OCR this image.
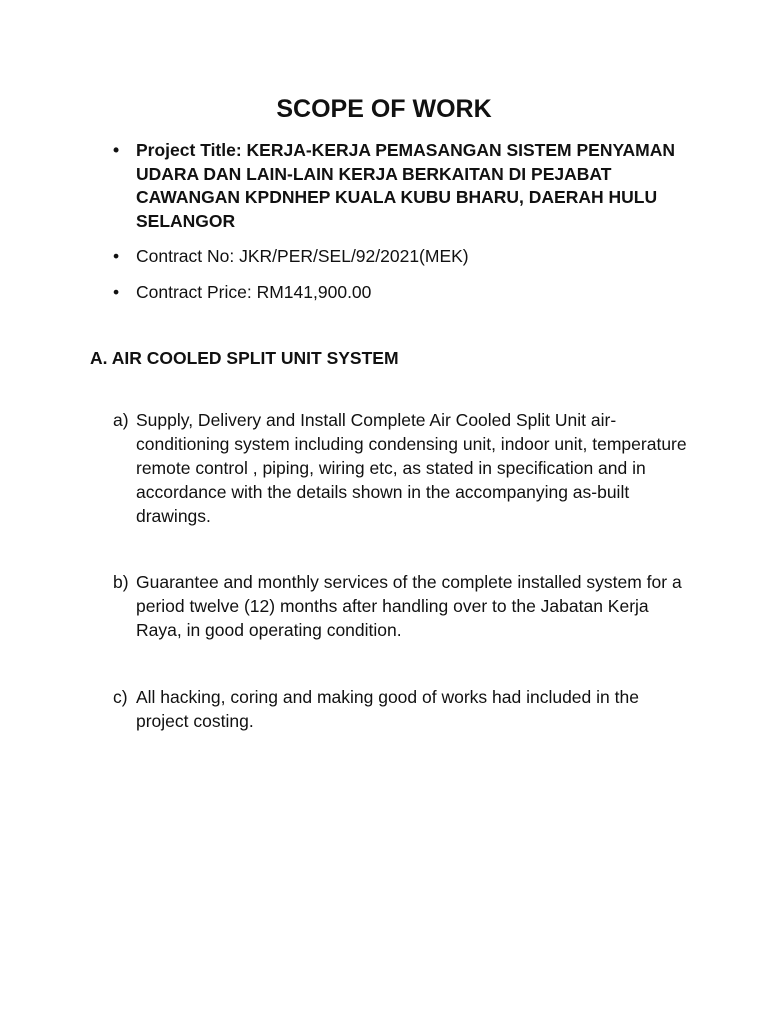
SCOPE OF WORK
• Project Title: KERJA-KERJA PEMASANGAN SISTEM PENYAMAN UDARA DAN LAIN-LAIN KERJA BERKAITAN DI PEJABAT CAWANGAN KPDNHEP KUALA KUBU BHARU, DAERAH HULU SELANGOR
• Contract No: JKR/PER/SEL/92/2021(MEK)
• Contract Price: RM141,900.00
A. AIR COOLED SPLIT UNIT SYSTEM
a) Supply, Delivery and Install Complete Air Cooled Split Unit air-conditioning system including condensing unit, indoor unit, temperature remote control , piping, wiring etc, as stated in specification and in accordance with the details shown in the accompanying as-built drawings.
b) Guarantee and monthly services of the complete installed system for a period twelve (12) months after handling over to the Jabatan Kerja Raya, in good operating condition.
c) All hacking, coring and making good of works had included in the project costing.
